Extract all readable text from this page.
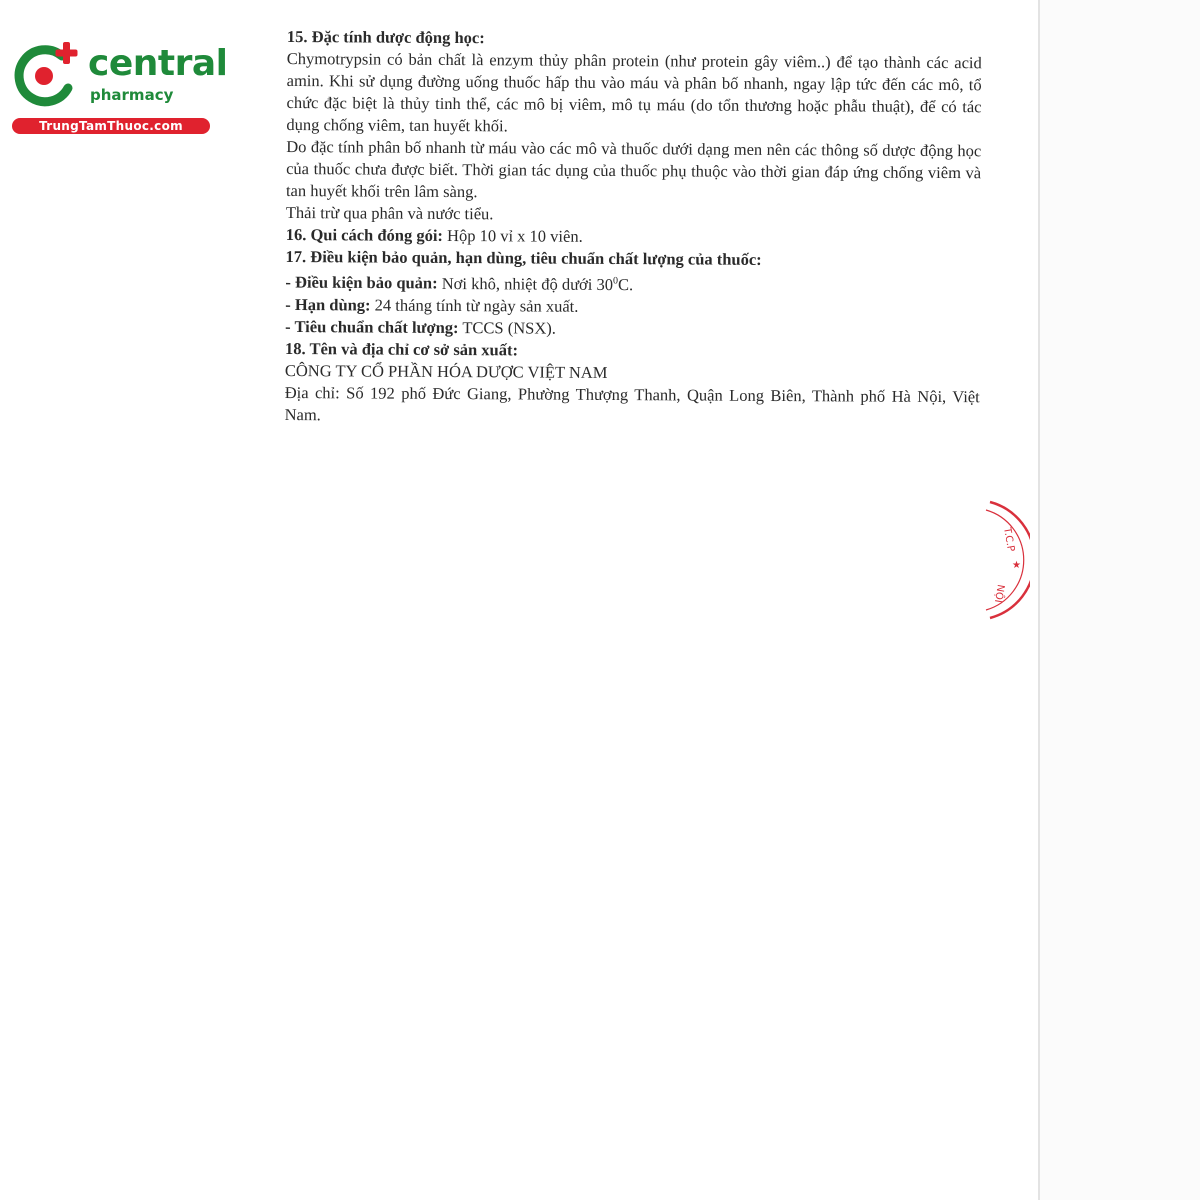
central
pharmacy
TrungTamThuoc.com

15. Đặc tính dược động học:

Chymotrypsin có bản chất là enzym thủy phân protein (như protein gây viêm..) để tạo thành các acid amin. Khi sử dụng đường uống thuốc hấp thu vào máu và phân bố nhanh, ngay lập tức đến các mô, tổ chức đặc biệt là thủy tinh thể, các mô bị viêm, mô tụ máu (do tổn thương hoặc phẫu thuật), để có tác dụng chống viêm, tan huyết khối.

Do đặc tính phân bố nhanh từ máu vào các mô và thuốc dưới dạng men nên các thông số dược động học của thuốc chưa được biết. Thời gian tác dụng của thuốc phụ thuộc vào thời gian đáp ứng chống viêm và tan huyết khối trên lâm sàng.

Thải trừ qua phân và nước tiểu.

16. Qui cách đóng gói: Hộp 10 vỉ x 10 viên.

17. Điều kiện bảo quản, hạn dùng, tiêu chuẩn chất lượng của thuốc:

- Điều kiện bảo quản: Nơi khô, nhiệt độ dưới $30^0C$.

- Hạn dùng: 24 tháng tính từ ngày sản xuất.

- Tiêu chuẩn chất lượng: TCCS (NSX).

18. Tên và địa chỉ cơ sở sản xuất:

CÔNG TY CỔ PHẦN HÓA DƯỢC VIỆT NAM

Địa chỉ: Số 192 phố Đức Giang, Phường Thượng Thanh, Quận Long Biên, Thành phố Hà Nội, Việt Nam.

T.C.P
★
NỘI
